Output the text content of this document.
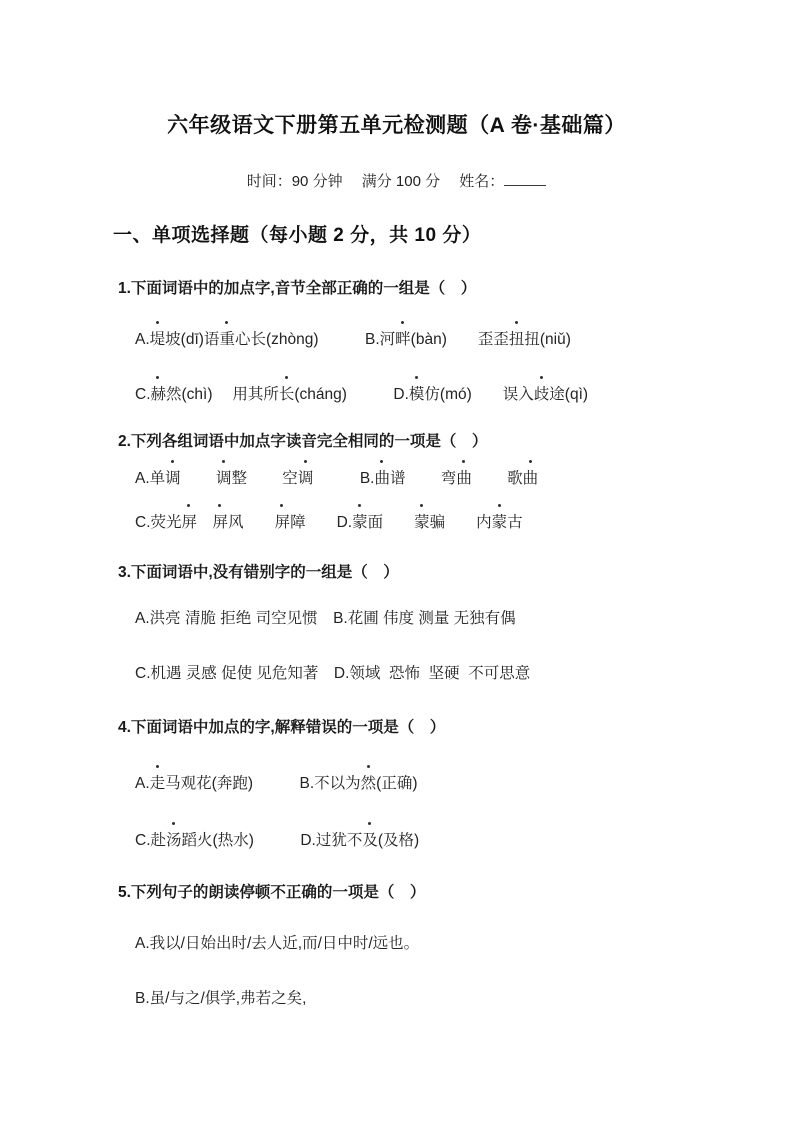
六年级语文下册第五单元检测题（A 卷·基础篇）
时间：90 分钟　 满分 100 分　 姓名：
一、单项选择题（每小题 2 分，共 10 分）
1.下面词语中的加点字,音节全部正确的一组是（　）
A.堤坡(dī)语重心长(zhòng)　　　B.河畔(bàn)　　歪歪扭扭(niǔ)
C.赫然(chì)　 用其所长(cháng)　　　D.模仿(mó)　　误入歧途(qì)
2.下列各组词语中加点字读音完全相同的一项是（　）
A.单调　　 调整　　 空调　　　B.曲谱　　 弯曲　　 歌曲
C.荧光屏　 屏风　　屏障　　D.蒙面　　蒙骗　　内蒙古
3.下面词语中,没有错别字的一组是（　）
A.洪亮 清脆 拒绝 司空见惯　B.花圃 伟度 测量 无独有偶
C.机遇 灵感 促使 见危知著　D.领域  恐怖  坚硬  不可思意
4.下面词语中加点的字,解释错误的一项是（　）
A.走马观花(奔跑)　　　B.不以为然(正确)
C.赴汤蹈火(热水)　　　D.过犹不及(及格)
5.下列句子的朗读停顿不正确的一项是（　）
A.我以/日始出时/去人近,而/日中时/远也。
B.虽/与之/俱学,弗若之矣,
